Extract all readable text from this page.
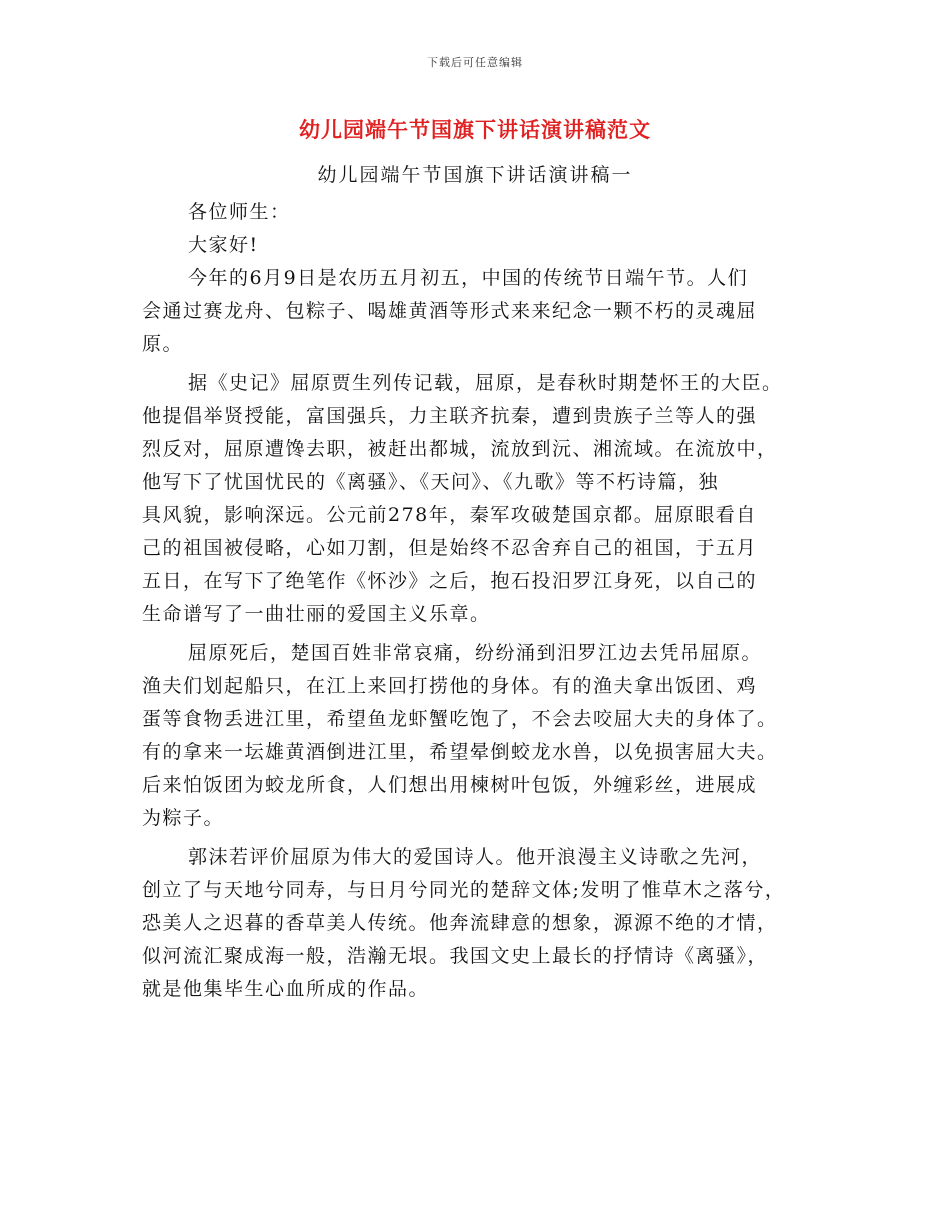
下载后可任意编辑
幼儿园端午节国旗下讲话演讲稿范文
幼儿园端午节国旗下讲话演讲稿一
各位师生：
大家好!
今年的6月9日是农历五月初五，中国的传统节日端午节。人们
会通过赛龙舟、包粽子、喝雄黄酒等形式来来纪念一颗不朽的灵魂屈
原。
据《史记》屈原贾生列传记载，屈原，是春秋时期楚怀王的大臣。
他提倡举贤授能，富国强兵，力主联齐抗秦，遭到贵族子兰等人的强
烈反对，屈原遭馋去职，被赶出都城，流放到沅、湘流域。在流放中，
他写下了忧国忧民的《离骚》、《天问》、《九歌》等不朽诗篇，独
具风貌，影响深远。公元前278年，秦军攻破楚国京都。屈原眼看自
己的祖国被侵略，心如刀割，但是始终不忍舍弃自己的祖国，于五月
五日，在写下了绝笔作《怀沙》之后，抱石投汨罗江身死，以自己的
生命谱写了一曲壮丽的爱国主义乐章。
屈原死后，楚国百姓非常哀痛，纷纷涌到汨罗江边去凭吊屈原。
渔夫们划起船只，在江上来回打捞他的身体。有的渔夫拿出饭团、鸡
蛋等食物丢进江里，希望鱼龙虾蟹吃饱了，不会去咬屈大夫的身体了。
有的拿来一坛雄黄酒倒进江里，希望晕倒蛟龙水兽，以免损害屈大夫。
后来怕饭团为蛟龙所食，人们想出用楝树叶包饭，外缠彩丝，进展成
为粽子。
郭沫若评价屈原为伟大的爱国诗人。他开浪漫主义诗歌之先河，
创立了与天地兮同寿，与日月兮同光的楚辞文体;发明了惟草木之落兮，
恐美人之迟暮的香草美人传统。他奔流肆意的想象，源源不绝的才情，
似河流汇聚成海一般，浩瀚无垠。我国文史上最长的抒情诗《离骚》，
就是他集毕生心血所成的作品。
